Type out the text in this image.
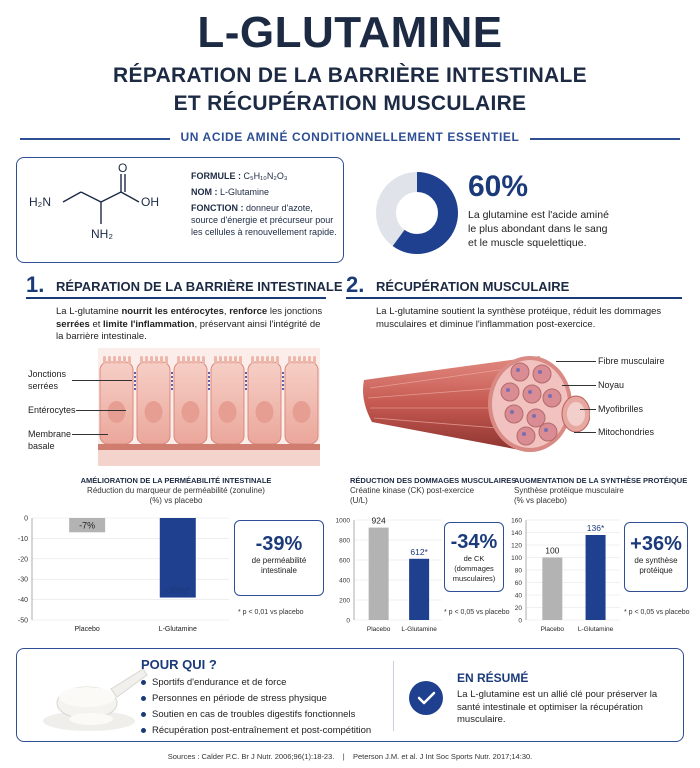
L-GLUTAMINE
RÉPARATION DE LA BARRIÈRE INTESTINALE
ET RÉCUPÉRATION MUSCULAIRE
UN ACIDE AMINÉ CONDITIONNELLEMENT ESSENTIEL
H₂N
O
OH
NH₂
FORMULE : C₅H₁₀N₂O₃
NOM : L-Glutamine
FONCTION : donneur d'azote, source d'énergie et précurseur pour les cellules à renouvellement rapide.
60%
La glutamine est l'acide aminé
le plus abondant dans le sang
et le muscle squelettique.
1. RÉPARATION DE LA BARRIÈRE INTESTINALE
La L-glutamine nourrit les entérocytes, renforce les jonctions serrées et limite l'inflammation, préservant ainsi l'intégrité de la barrière intestinale.
Jonctions
serrées
Entérocytes
Membrane
basale
2. RÉCUPÉRATION MUSCULAIRE
La L-glutamine soutient la synthèse protéique, réduit les dommages musculaires et diminue l'inflammation post-exercice.
Fibre musculaire
Noyau
Myofibrilles
Mitochondries
AMÉLIORATION DE LA PERMÉABILITÉ INTESTINALE
Réduction du marqueur de perméabilité (zonuline)
(%) vs placebo
0
-10
-20
-30
-40
-50
-7%
Placebo
-39%*
L-Glutamine
-39%
de perméabilité
intestinale
* p < 0,01 vs placebo
RÉDUCTION DES DOMMAGES MUSCULAIRES
Créatine kinase (CK) post-exercice
(U/L)
1000
800
600
400
200
0
924
Placebo
612*
L-Glutamine
-34%
de CK
(dommages
musculaires)
* p < 0,05 vs placebo
AUGMENTATION DE LA SYNTHÈSE PROTÉIQUE
Synthèse protéique musculaire
(% vs placebo)
160
140
120
100
80
60
40
20
0
100
Placebo
136*
L-Glutamine
+36%
de synthèse
protéique
* p < 0,05 vs placebo
POUR QUI ?
Sportifs d'endurance et de force
Personnes en période de stress physique
Soutien en cas de troubles digestifs fonctionnels
Récupération post-entraînement et post-compétition
EN RÉSUMÉ
La L-glutamine est un allié clé pour préserver la santé intestinale et optimiser la récupération musculaire.
Sources : Calder P.C. Br J Nutr. 2006;96(1):18-23.    |    Peterson J.M. et al. J Int Soc Sports Nutr. 2017;14:30.
